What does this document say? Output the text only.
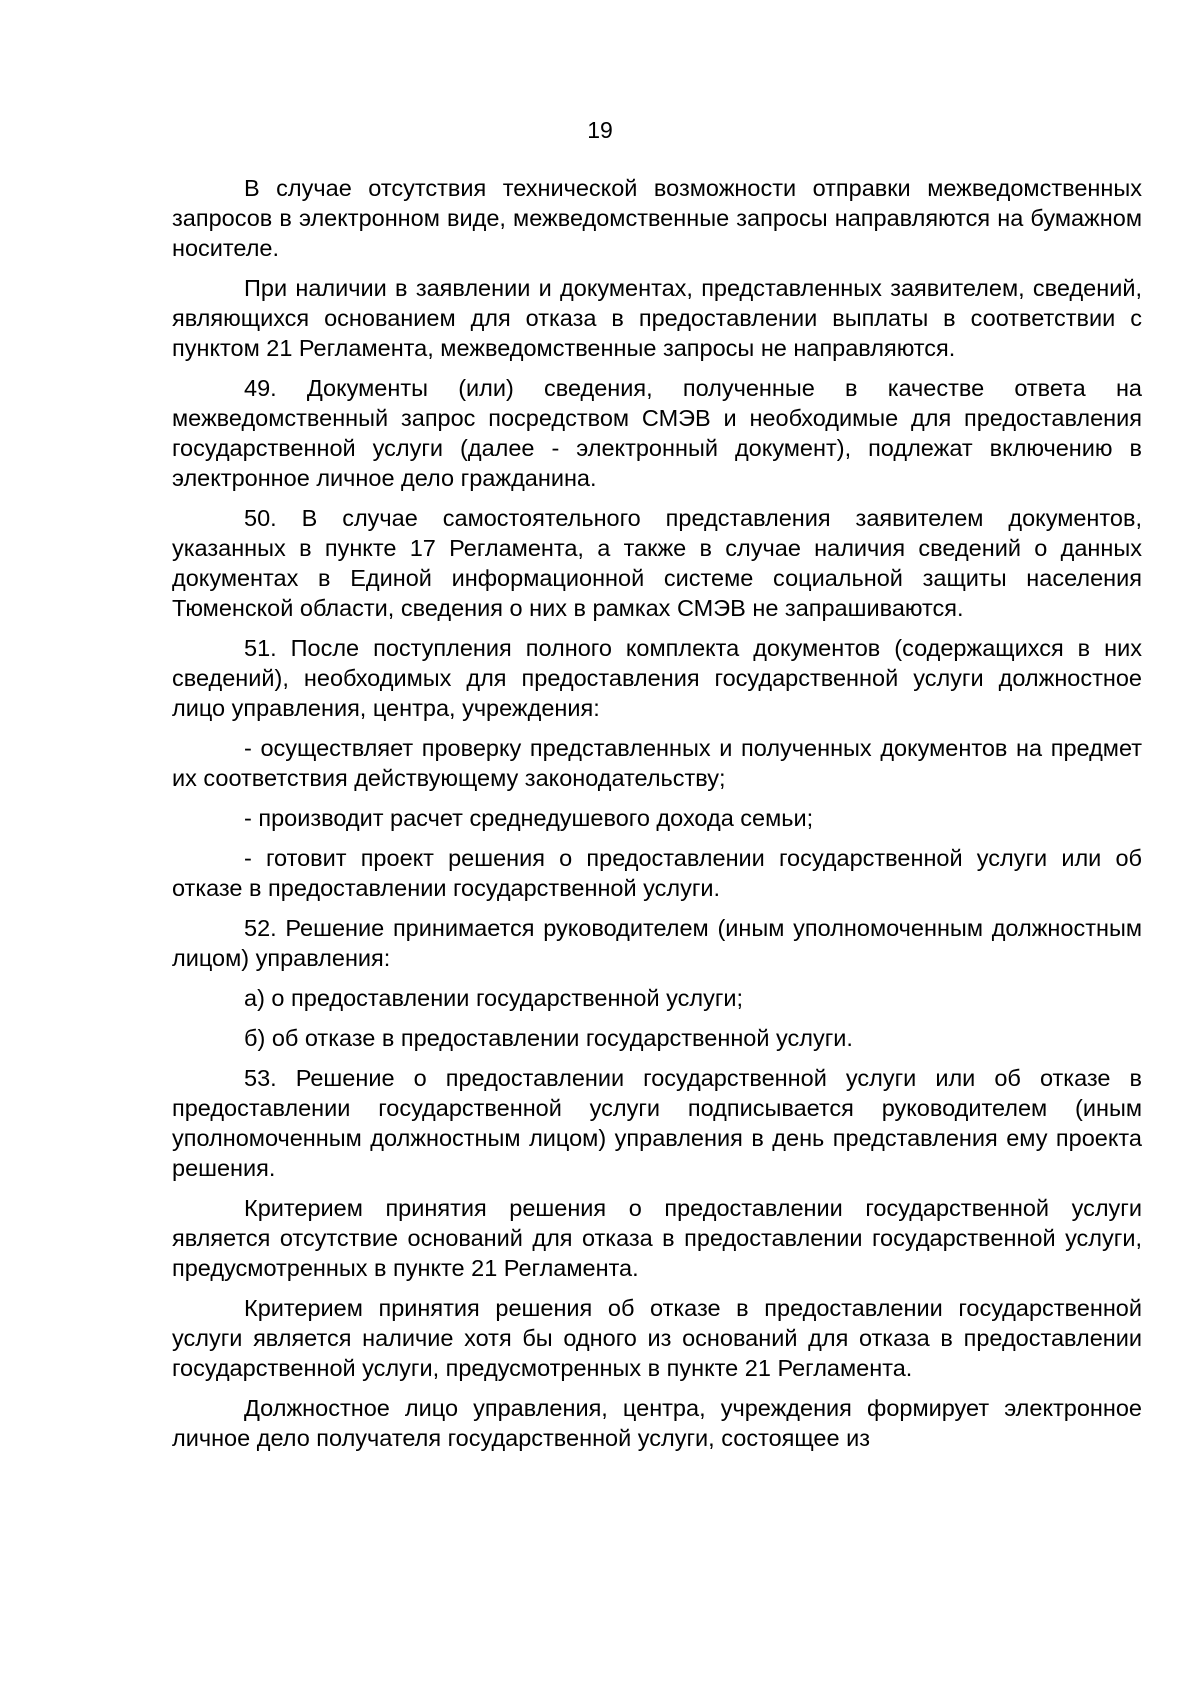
19

В случае отсутствия технической возможности отправки межведомственных запросов в электронном виде, межведомственные запросы направляются на бумажном носителе.

При наличии в заявлении и документах, представленных заявителем, сведений, являющихся основанием для отказа в предоставлении выплаты в соответствии с пунктом 21 Регламента, межведомственные запросы не направляются.

49. Документы (или) сведения, полученные в качестве ответа на межведомственный запрос посредством СМЭВ и необходимые для предоставления государственной услуги (далее - электронный документ), подлежат включению в электронное личное дело гражданина.

50. В случае самостоятельного представления заявителем документов, указанных в пункте 17 Регламента, а также в случае наличия сведений о данных документах в Единой информационной системе социальной защиты населения Тюменской области, сведения о них в рамках СМЭВ не запрашиваются.

51. После поступления полного комплекта документов (содержащихся в них сведений), необходимых для предоставления государственной услуги должностное лицо управления, центра, учреждения:

- осуществляет проверку представленных и полученных документов на предмет их соответствия действующему законодательству;

- производит расчет среднедушевого дохода семьи;

- готовит проект решения о предоставлении государственной услуги или об отказе в предоставлении государственной услуги.

52. Решение принимается руководителем (иным уполномоченным должностным лицом) управления:

а) о предоставлении государственной услуги;

б) об отказе в предоставлении государственной услуги.

53. Решение о предоставлении государственной услуги или об отказе в предоставлении государственной услуги подписывается руководителем (иным уполномоченным должностным лицом) управления в день представления ему проекта решения.

Критерием принятия решения о предоставлении государственной услуги является отсутствие оснований для отказа в предоставлении государственной услуги, предусмотренных в пункте 21 Регламента.

Критерием принятия решения об отказе в предоставлении государственной услуги является наличие хотя бы одного из оснований для отказа в предоставлении государственной услуги, предусмотренных в пункте 21 Регламента.

Должностное лицо управления, центра, учреждения формирует электронное личное дело получателя государственной услуги, состоящее из
